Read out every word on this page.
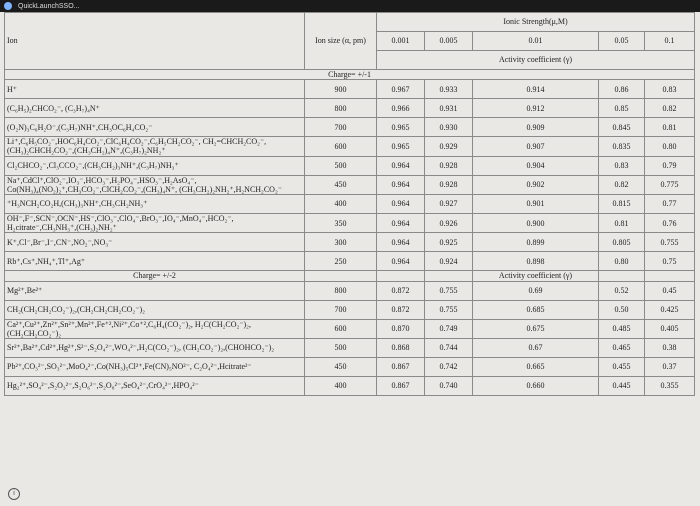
QuickLaunchSSO...
Ion	Ion size (α, pm)	Ionic Strength(μ,M)				
		0.001	0.005	0.01	0.05	0.1
		Activity coefficient (γ)				
Charge= +/-1						
H⁺	900	0.967	0.933	0.914	0.86	0.83
(C₆H₅)₂CHCO₂⁻, (C₃H₇)₄N⁺	800	0.966	0.931	0.912	0.85	0.82
(O₂N)₃C₆H₂O⁻,(C₃H₇)NH⁺,CH₃OC₆H₄CO₂⁻	700	0.965	0.930	0.909	0.845	0.81
Li⁺,C₆H₅CO₂⁻,HOC₆H₄CO₂⁻,ClC₆H₄CO₂⁻,C₆H₅CH₂CO₂⁻, CH₂=CHCH₂CO₂⁻,(CH₃)₂CHCH₂CO₂⁻,(CH₃CH₂)₄N⁺,(C₃H₇)₂NH₂⁺	600	0.965	0.929	0.907	0.835	0.80
Cl₂CHCO₂⁻,Cl₃CCO₂⁻,(CH₃CH₂)₃NH⁺,(C₃H₇)NH₃⁺	500	0.964	0.928	0.904	0.83	0.79
Na⁺,CdCl⁺,ClO₂⁻,IO₃⁻,HCO₃⁻,H₂PO₄⁻,HSO₃⁻,H₂AsO₄⁻, Co(NH₃)₄(NO₂)₂⁺,CH₃CO₂⁻,ClCH₂CO₂⁻,(CH₃)₄N⁺, (CH₃CH₂)₂NH₂⁺,H₂NCH₂CO₂⁻	450	0.964	0.928	0.902	0.82	0.775
⁺H₃NCH₂CO₂H,(CH₃)₃NH⁺,CH₃CH₂NH₃⁺	400	0.964	0.927	0.901	0.815	0.77
OH⁻,F⁻,SCN⁻,OCN⁻,HS⁻,ClO₃⁻,ClO₄⁻,BrO₃⁻,IO₄⁻,MnO₄⁻,HCO₂⁻, H₂citrate⁻,CH₃NH₃⁺,(CH₃)₂NH₂⁺	350	0.964	0.926	0.900	0.81	0.76
K⁺,Cl⁻,Br⁻,I⁻,CN⁻,NO₂⁻,NO₃⁻	300	0.964	0.925	0.899	0.805	0.755
Rb⁺,Cs⁺,NH₄⁺,Tl⁺,Ag⁺	250	0.964	0.924	0.898	0.80	0.75
Charge= +/-2				Activity coefficient (γ)		
Mg²⁺,Be²⁺	800	0.872	0.755	0.69	0.52	0.45
CH₂(CH₂CH₂CO₂⁻)₂,(CH₂CH₂CH₂CO₂⁻)₂	700	0.872	0.755	0.685	0.50	0.425
Ca²⁺,Cu²⁺,Zn²⁺,Sn²⁺,Mn²⁺,Fe⁺²,Ni²⁺,Co⁺²,C₆H₄(CO₂⁻)₂, H₂C(CH₂CO₂⁻)₂,(CH₂CH₂CO₂⁻)₂	600	0.870	0.749	0.675	0.485	0.405
Sr²⁺,Ba²⁺,Cd²⁺,Hg²⁺,S²⁻,S₂O₄²⁻,WO₄²⁻,H₂C(CO₂⁻)₂, (CH₂CO₂⁻)₂,(CHOHCO₂⁻)₂	500	0.868	0.744	0.67	0.465	0.38
Pb²⁺,CO₃²⁻,SO₃²⁻,MoO₄²⁻,Co(NH₃)₅Cl²⁺,Fe(CN)₅NO²⁻, C₂O₄²⁻,Hcitrate²⁻	450	0.867	0.742	0.665	0.455	0.37
Hg₂²⁺,SO₄²⁻,S₂O₃²⁻,S₂O₆²⁻,S₂O₈²⁻,SeO₄²⁻,CrO₄²⁻,HPO₄²⁻	400	0.867	0.740	0.660	0.445	0.355
i
